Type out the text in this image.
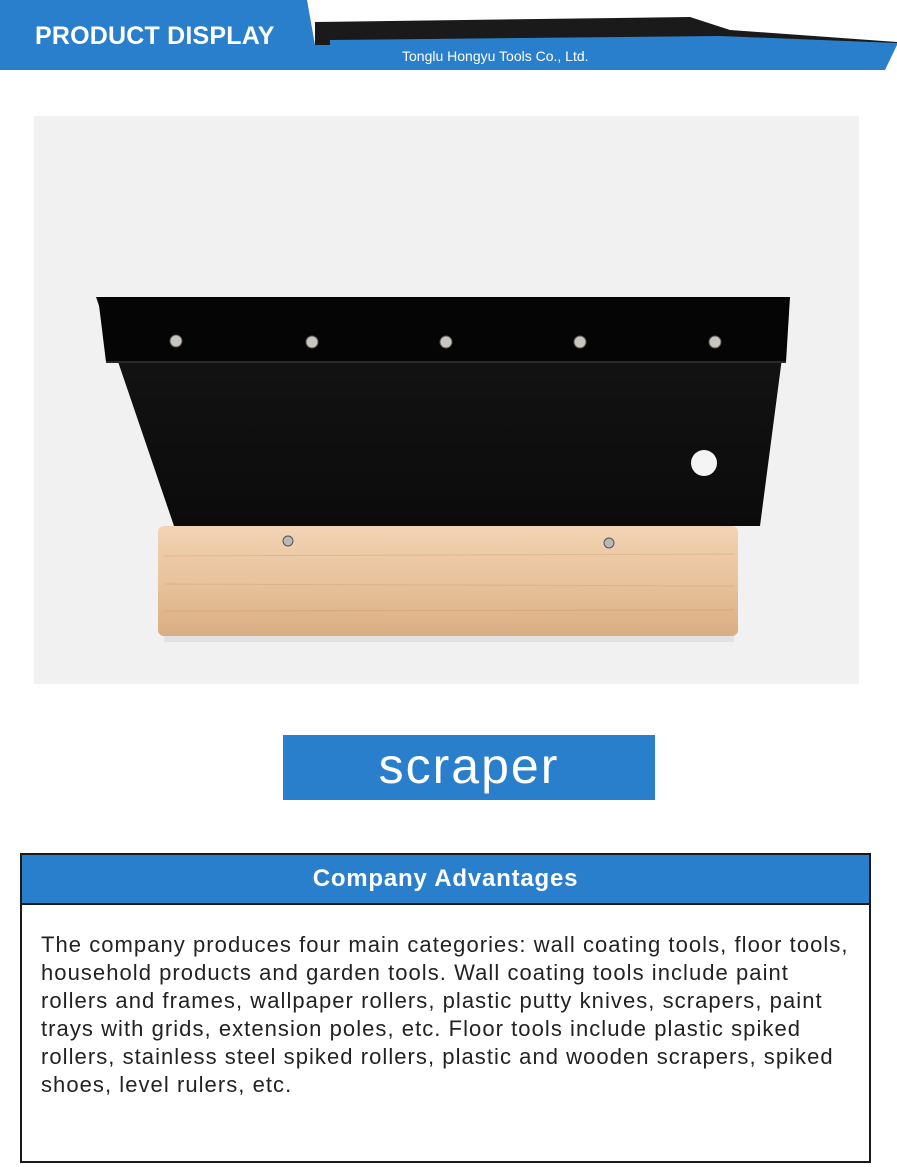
PRODUCT DISPLAY
Tonglu Hongyu Tools Co., Ltd.
scraper
Company Advantages
The company produces four main categories: wall coating tools, floor tools, household products and garden tools. Wall coating tools include paint rollers and frames, wallpaper rollers, plastic putty knives, scrapers, paint trays with grids, extension poles, etc. Floor tools include plastic spiked rollers, stainless steel spiked rollers, plastic and wooden scrapers, spiked shoes, level rulers, etc.
